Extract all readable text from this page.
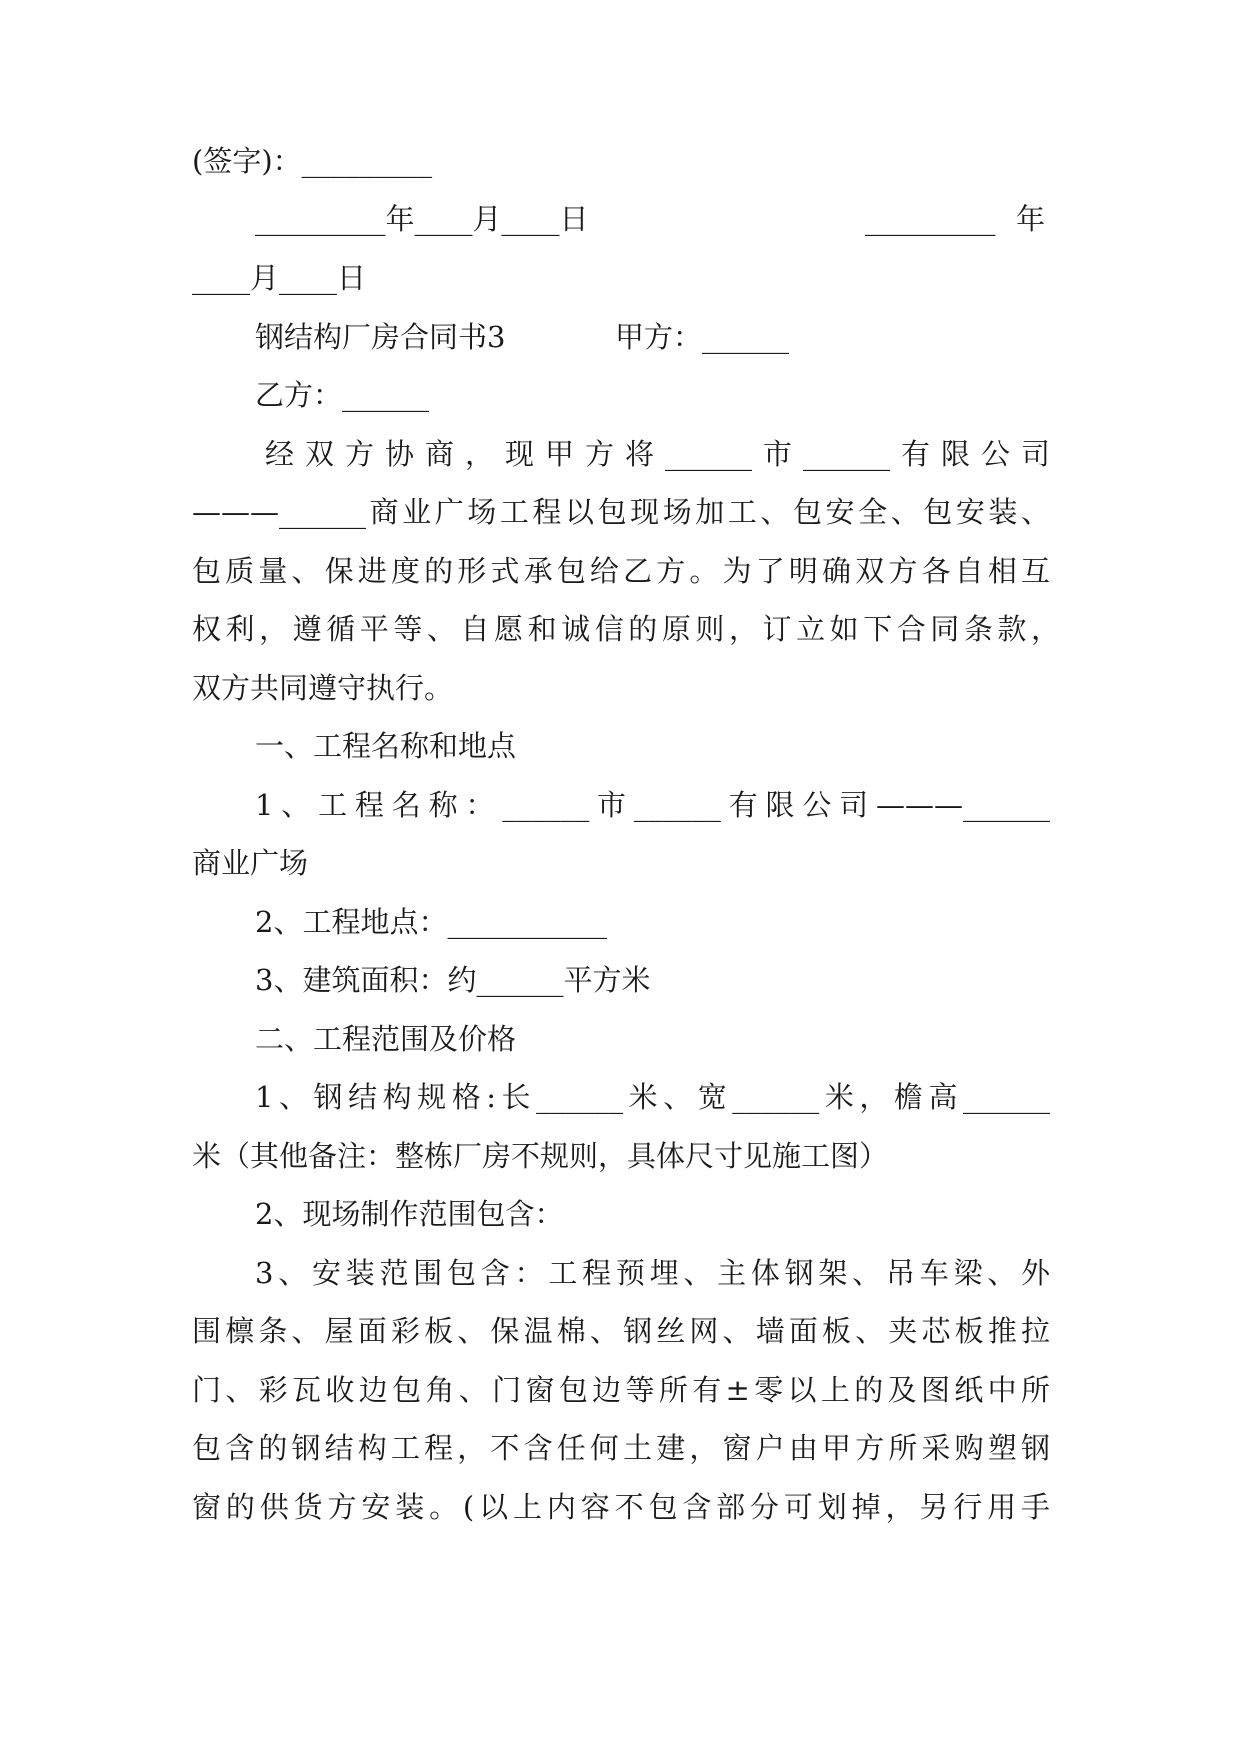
(签字)：_________
_________年____月____日	_________年
____月____日
钢结构厂房合同书3	甲方：______
乙方：______
经双方协商，现甲方将______市______有限公司
———______商业广场工程以包现场加工、包安全、包安装、
包质量、保进度的形式承包给乙方。为了明确双方各自相互
权利，遵循平等、自愿和诚信的原则，订立如下合同条款，
双方共同遵守执行。
一、工程名称和地点
1、工程名称：______市______有限公司———______
商业广场
2、工程地点：___________
3、建筑面积：约______平方米
二、工程范围及价格
1、钢结构规格:长______米、宽______米，檐高______
米（其他备注：整栋厂房不规则，具体尺寸见施工图）
2、现场制作范围包含：
3、安装范围包含：工程预埋、主体钢架、吊车梁、外
围檩条、屋面彩板、保温棉、钢丝网、墙面板、夹芯板推拉
门、彩瓦收边包角、门窗包边等所有±零以上的及图纸中所
包含的钢结构工程，不含任何土建，窗户由甲方所采购塑钢
窗的供货方安装。(以上内容不包含部分可划掉，另行用手
